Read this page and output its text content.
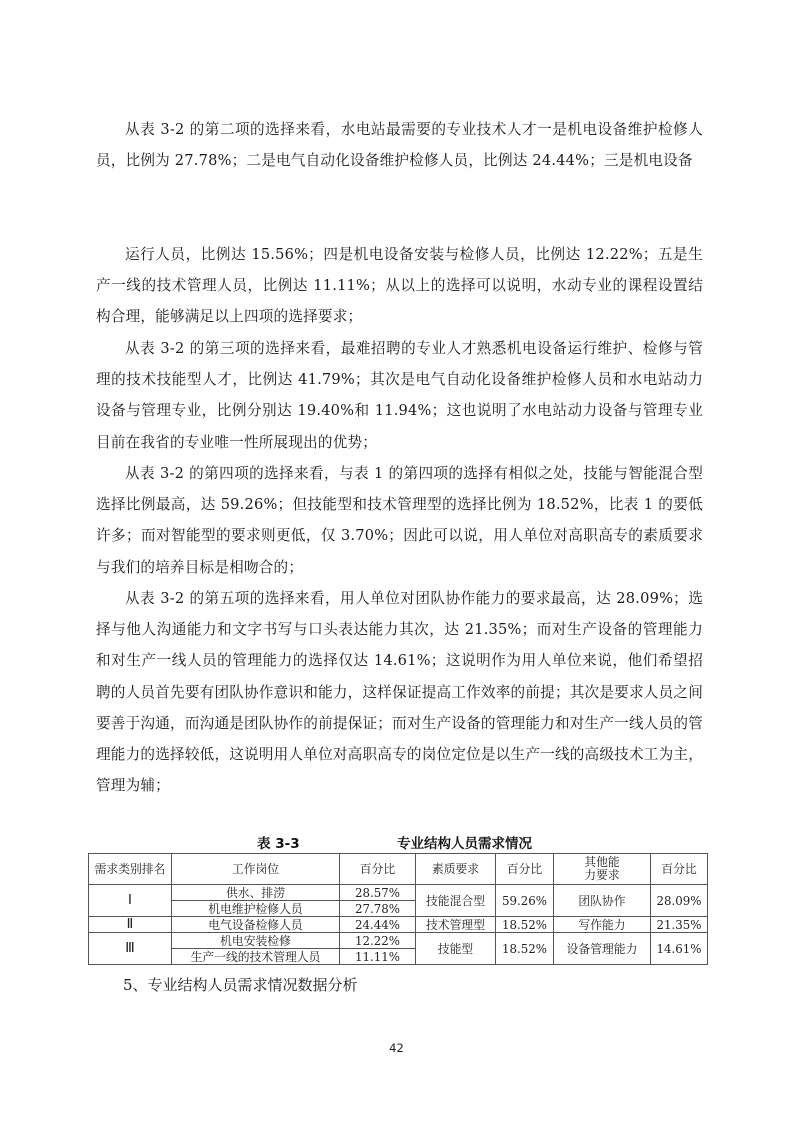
从表 3-2 的第二项的选择来看，水电站最需要的专业技术人才一是机电设备维护检修人员，比例为 27.78%；二是电气自动化设备维护检修人员，比例达 24.44%；三是机电设备

运行人员，比例达 15.56%；四是机电设备安装与检修人员，比例达 12.22%；五是生产一线的技术管理人员，比例达 11.11%；从以上的选择可以说明，水动专业的课程设置结构合理，能够满足以上四项的选择要求；

从表 3-2 的第三项的选择来看，最难招聘的专业人才熟悉机电设备运行维护、检修与管理的技术技能型人才，比例达 41.79%；其次是电气自动化设备维护检修人员和水电站动力设备与管理专业，比例分别达 19.40%和 11.94%；这也说明了水电站动力设备与管理专业目前在我省的专业唯一性所展现出的优势；

从表 3-2 的第四项的选择来看，与表 1 的第四项的选择有相似之处，技能与智能混合型选择比例最高，达 59.26%；但技能型和技术管理型的选择比例为 18.52%，比表 1 的要低许多；而对智能型的要求则更低，仅 3.70%；因此可以说，用人单位对高职高专的素质要求与我们的培养目标是相吻合的；

从表 3-2 的第五项的选择来看，用人单位对团队协作能力的要求最高，达 28.09%；选择与他人沟通能力和文字书写与口头表达能力其次，达 21.35%；而对生产设备的管理能力和对生产一线人员的管理能力的选择仅达 14.61%；这说明作为用人单位来说，他们希望招聘的人员首先要有团队协作意识和能力，这样保证提高工作效率的前提；其次是要求人员之间要善于沟通，而沟通是团队协作的前提保证；而对生产设备的管理能力和对生产一线人员的管理能力的选择较低，这说明用人单位对高职高专的岗位定位是以生产一线的高级技术工为主，管理为辅；

表 3-3	专业结构人员需求情况
需求类别排名	工作岗位	百分比	素质要求	百分比	其他能力要求	百分比
Ⅰ	供水、排涝	28.57%	技能混合型	59.26%	团队协作	28.09%
	机电维护检修人员	27.78%				
Ⅱ	电气设备检修人员	24.44%	技术管理型	18.52%	写作能力	21.35%
Ⅲ	机电安装检修	12.22%	技能型	18.52%	设备管理能力	14.61%
	生产一线的技术管理人员	11.11%				

5、专业结构人员需求情况数据分析

42
